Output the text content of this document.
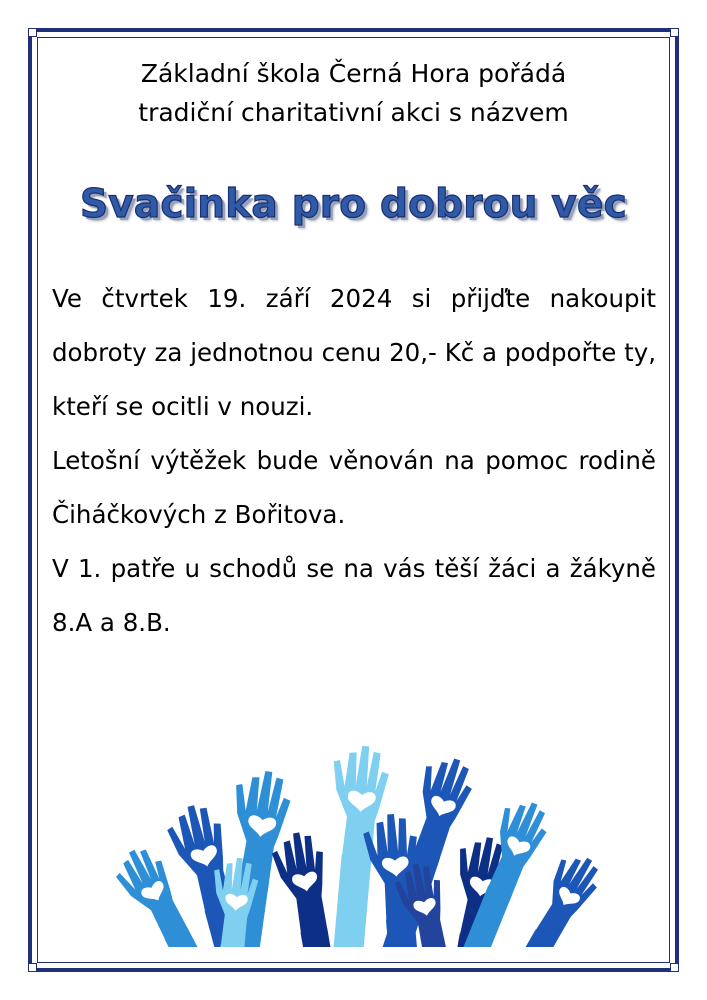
Základní škola Černá Hora pořádá
tradiční charitativní akci s názvem
Svačinka pro dobrou věc

Ve čtvrtek 19. září 2024 si přijďte nakoupit dobroty za jednotnou cenu 20,- Kč a podpořte ty, kteří se ocitli v nouzi.

Letošní výtěžek bude věnován na pomoc rodině Čiháčkových z Bořitova.

V 1. patře u schodů se na vás těší žáci a žákyně 8.A a 8.B.
